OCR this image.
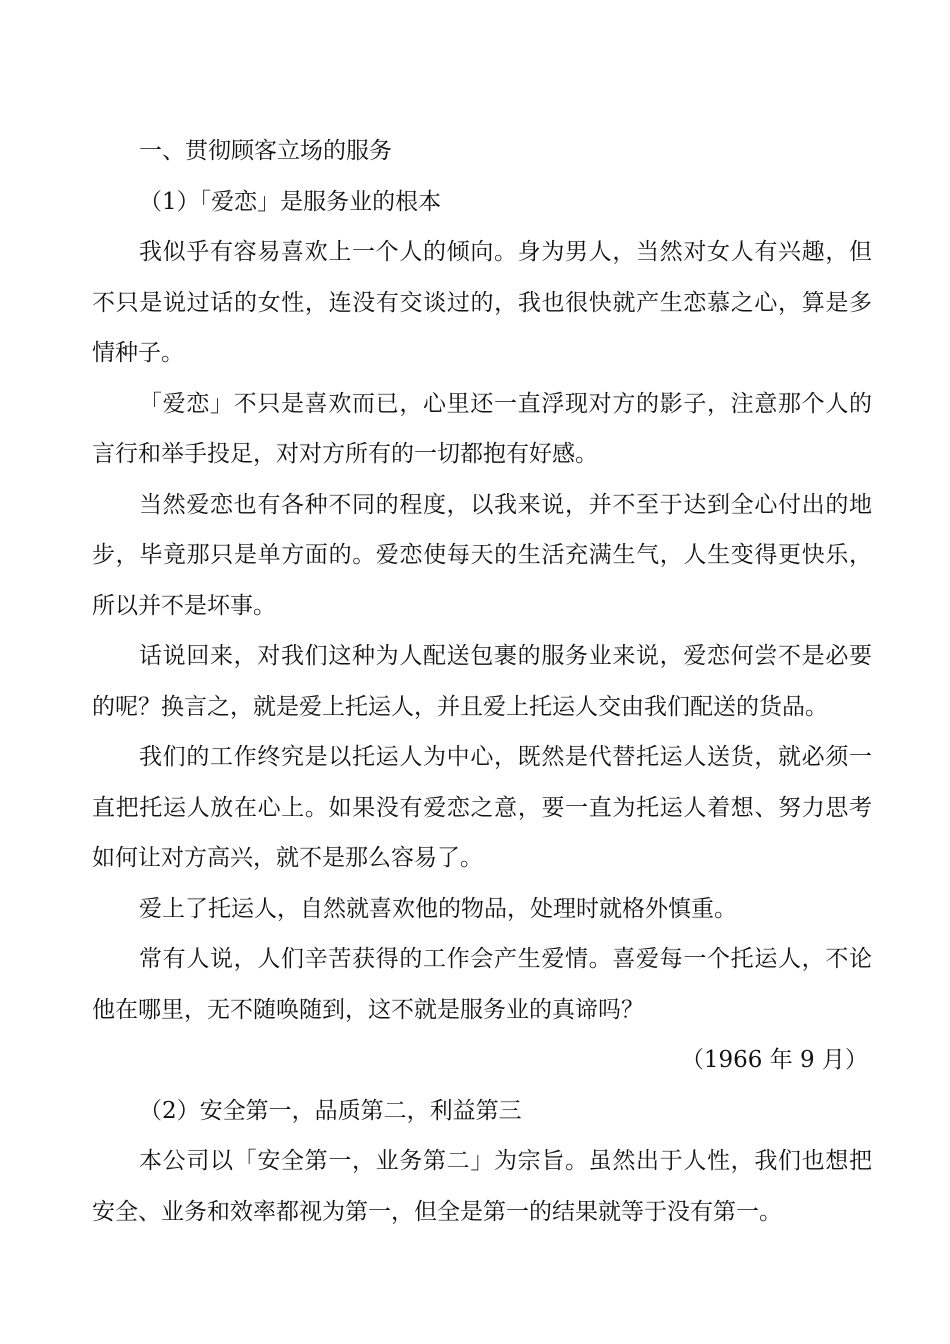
一、贯彻顾客立场的服务

（1）「爱恋」是服务业的根本

我似乎有容易喜欢上一个人的倾向。身为男人，当然对女人有兴趣，但不只是说过话的女性，连没有交谈过的，我也很快就产生恋慕之心，算是多情种子。

「爱恋」不只是喜欢而已，心里还一直浮现对方的影子，注意那个人的言行和举手投足，对对方所有的一切都抱有好感。

当然爱恋也有各种不同的程度，以我来说，并不至于达到全心付出的地步，毕竟那只是单方面的。爱恋使每天的生活充满生气，人生变得更快乐，所以并不是坏事。

话说回来，对我们这种为人配送包裹的服务业来说，爱恋何尝不是必要的呢？换言之，就是爱上托运人，并且爱上托运人交由我们配送的货品。

我们的工作终究是以托运人为中心，既然是代替托运人送货，就必须一直把托运人放在心上。如果没有爱恋之意，要一直为托运人着想、努力思考如何让对方高兴，就不是那么容易了。

爱上了托运人，自然就喜欢他的物品，处理时就格外慎重。

常有人说，人们辛苦获得的工作会产生爱情。喜爱每一个托运人，不论他在哪里，无不随唤随到，这不就是服务业的真谛吗？

（1966 年 9 月）

（2）安全第一，品质第二，利益第三

本公司以「安全第一，业务第二」为宗旨。虽然出于人性，我们也想把安全、业务和效率都视为第一，但全是第一的结果就等于没有第一。
